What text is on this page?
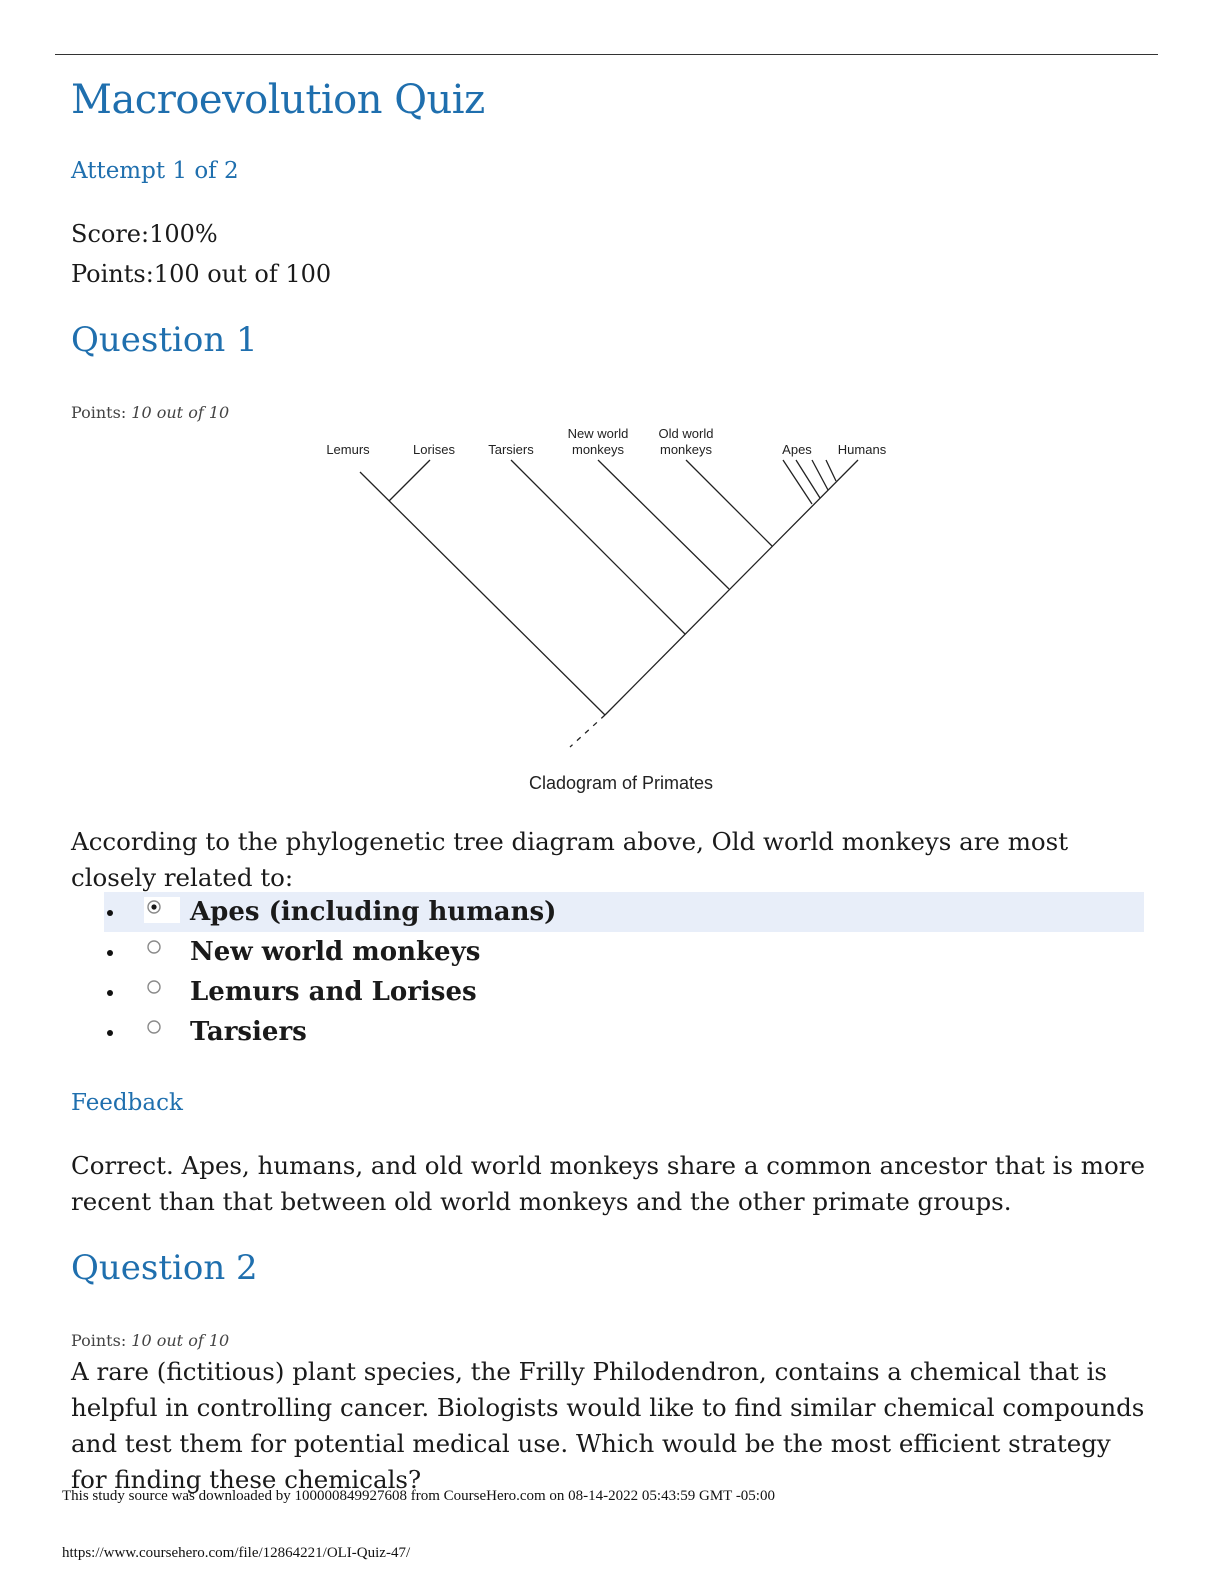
Macroevolution Quiz
Attempt 1 of 2
Score:100%
Points:100 out of 100
Question 1
Points: 10 out of 10
Lemurs	Lorises	Tarsiers
New world
monkeys
Old world
monkeys	Apes Humans
Cladogram of Primates
According to the phylogenetic tree diagram above, Old world monkeys are most closely related to:
Apes (including humans)
New world monkeys
Lemurs and Lorises
Tarsiers
Feedback
Correct. Apes, humans, and old world monkeys share a common ancestor that is more recent than that between old world monkeys and the other primate groups.
Question 2
Points: 10 out of 10
A rare (fictitious) plant species, the Frilly Philodendron, contains a chemical that is helpful in controlling cancer. Biologists would like to find similar chemical compounds and test them for potential medical use. Which would be the most efficient strategy for finding these chemicals?
This study source was downloaded by 100000849927608 from CourseHero.com on 08-14-2022 05:43:59 GMT -05:00
https://www.coursehero.com/file/12864221/OLI-Quiz-47/
